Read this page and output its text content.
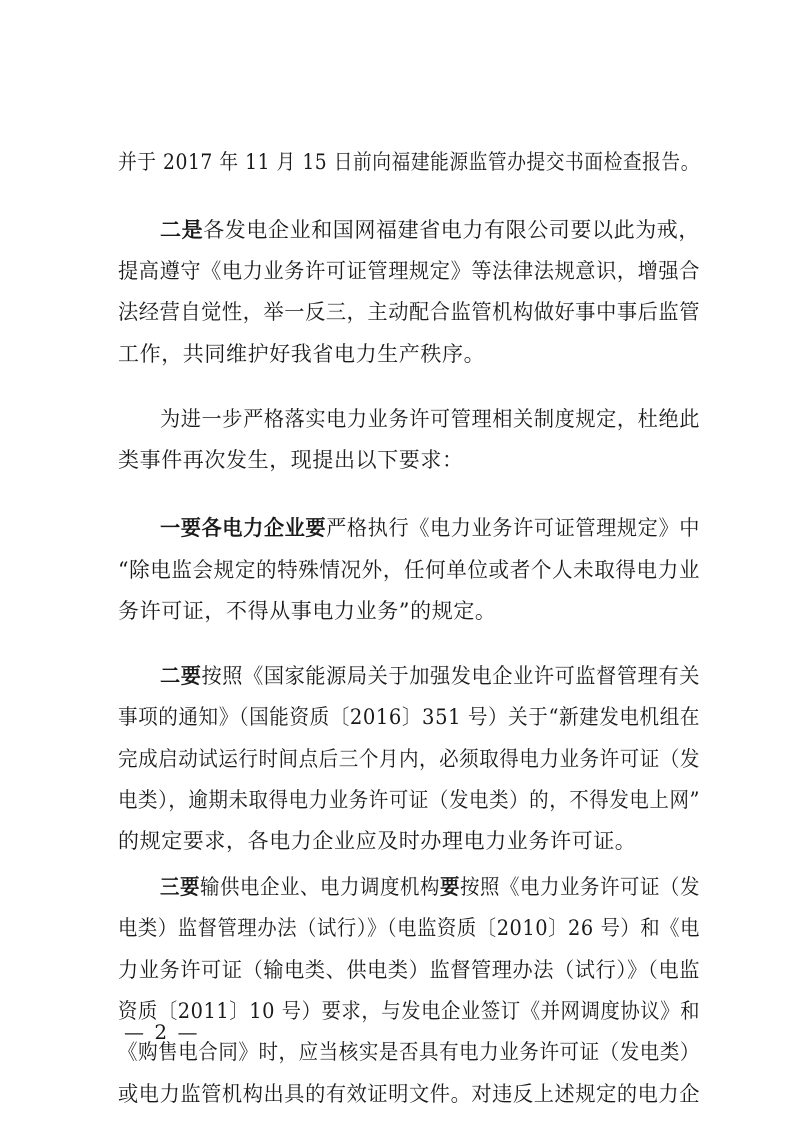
并于 2017 年 11 月 15 日前向福建能源监管办提交书面检查报告。
二是各发电企业和国网福建省电力有限公司要以此为戒，
提高遵守《电力业务许可证管理规定》等法律法规意识，增强合
法经营自觉性，举一反三，主动配合监管机构做好事中事后监管
工作，共同维护好我省电力生产秩序。
为进一步严格落实电力业务许可管理相关制度规定，杜绝此
类事件再次发生，现提出以下要求：
一要各电力企业要严格执行《电力业务许可证管理规定》中
“除电监会规定的特殊情况外，任何单位或者个人未取得电力业
务许可证，不得从事电力业务”的规定。
二要按照《国家能源局关于加强发电企业许可监督管理有关
事项的通知》（国能资质〔2016〕351 号）关于“新建发电机组在
完成启动试运行时间点后三个月内，必须取得电力业务许可证（发
电类），逾期未取得电力业务许可证（发电类）的，不得发电上网”
的规定要求，各电力企业应及时办理电力业务许可证。
三要输供电企业、电力调度机构要按照《电力业务许可证（发
电类）监督管理办法（试行）》（电监资质〔2010〕26 号）和《电
力业务许可证（输电类、供电类）监督管理办法（试行）》（电监
资质〔2011〕10 号）要求，与发电企业签订《并网调度协议》和
《购售电合同》时，应当核实是否具有电力业务许可证（发电类）
或电力监管机构出具的有效证明文件。对违反上述规定的电力企
— 2 —
